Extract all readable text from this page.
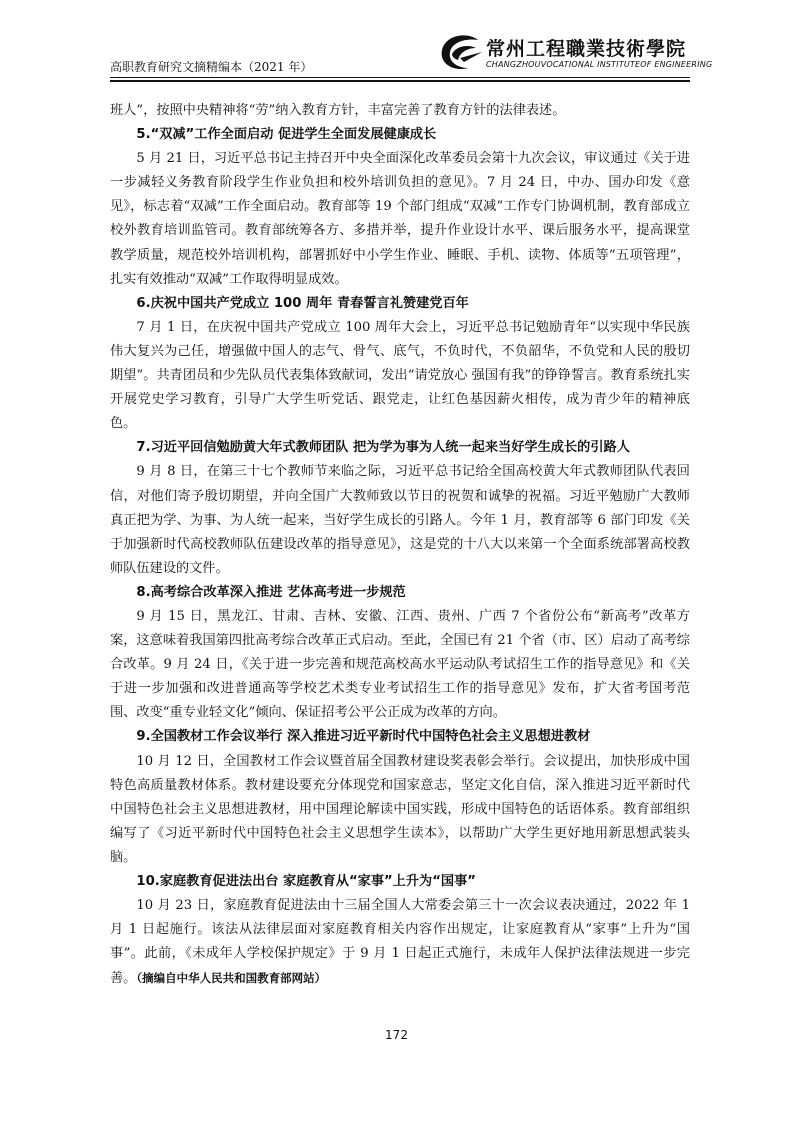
高职教育研究文摘精编本（2021 年）
常州工程職業技術學院
CHANGZHOUVOCATIONAL INSTITUTEOF ENGINEERING

班人”，按照中央精神将“劳”纳入教育方针，丰富完善了教育方针的法律表述。

5.“双减”工作全面启动 促进学生全面发展健康成长

5 月 21 日，习近平总书记主持召开中央全面深化改革委员会第十九次会议，审议通过《关于进一步减轻义务教育阶段学生作业负担和校外培训负担的意见》。7 月 24 日，中办、国办印发《意见》，标志着“双减”工作全面启动。教育部等 19 个部门组成“双减”工作专门协调机制，教育部成立校外教育培训监管司。教育部统筹各方、多措并举，提升作业设计水平、课后服务水平，提高课堂教学质量，规范校外培训机构，部署抓好中小学生作业、睡眠、手机、读物、体质等“五项管理”，扎实有效推动“双减”工作取得明显成效。

6.庆祝中国共产党成立 100 周年 青春誓言礼赞建党百年

7 月 1 日，在庆祝中国共产党成立 100 周年大会上，习近平总书记勉励青年“以实现中华民族伟大复兴为己任，增强做中国人的志气、骨气、底气，不负时代，不负韶华，不负党和人民的殷切期望”。共青团员和少先队员代表集体致献词，发出“请党放心 强国有我”的铮铮誓言。教育系统扎实开展党史学习教育，引导广大学生听党话、跟党走，让红色基因薪火相传，成为青少年的精神底色。

7.习近平回信勉励黄大年式教师团队 把为学为事为人统一起来当好学生成长的引路人

9 月 8 日，在第三十七个教师节来临之际，习近平总书记给全国高校黄大年式教师团队代表回信，对他们寄予殷切期望，并向全国广大教师致以节日的祝贺和诚挚的祝福。习近平勉励广大教师真正把为学、为事、为人统一起来，当好学生成长的引路人。今年 1 月，教育部等 6 部门印发《关于加强新时代高校教师队伍建设改革的指导意见》，这是党的十八大以来第一个全面系统部署高校教师队伍建设的文件。

8.高考综合改革深入推进 艺体高考进一步规范

9 月 15 日，黑龙江、甘肃、吉林、安徽、江西、贵州、广西 7 个省份公布“新高考”改革方案，这意味着我国第四批高考综合改革正式启动。至此，全国已有 21 个省（市、区）启动了高考综合改革。9 月 24 日，《关于进一步完善和规范高校高水平运动队考试招生工作的指导意见》和《关于进一步加强和改进普通高等学校艺术类专业考试招生工作的指导意见》发布，扩大省考国考范围、改变“重专业轻文化”倾向、保证招考公平公正成为改革的方向。

9.全国教材工作会议举行 深入推进习近平新时代中国特色社会主义思想进教材

10 月 12 日，全国教材工作会议暨首届全国教材建设奖表彰会举行。会议提出，加快形成中国特色高质量教材体系。教材建设要充分体现党和国家意志，坚定文化自信，深入推进习近平新时代中国特色社会主义思想进教材，用中国理论解读中国实践，形成中国特色的话语体系。教育部组织编写了《习近平新时代中国特色社会主义思想学生读本》，以帮助广大学生更好地用新思想武装头脑。

10.家庭教育促进法出台 家庭教育从“家事”上升为“国事”

10 月 23 日，家庭教育促进法由十三届全国人大常委会第三十一次会议表决通过，2022 年 1 月 1 日起施行。该法从法律层面对家庭教育相关内容作出规定，让家庭教育从“家事”上升为“国事”。此前，《未成年人学校保护规定》于 9 月 1 日起正式施行，未成年人保护法律法规进一步完善。（摘编自中华人民共和国教育部网站）

172
